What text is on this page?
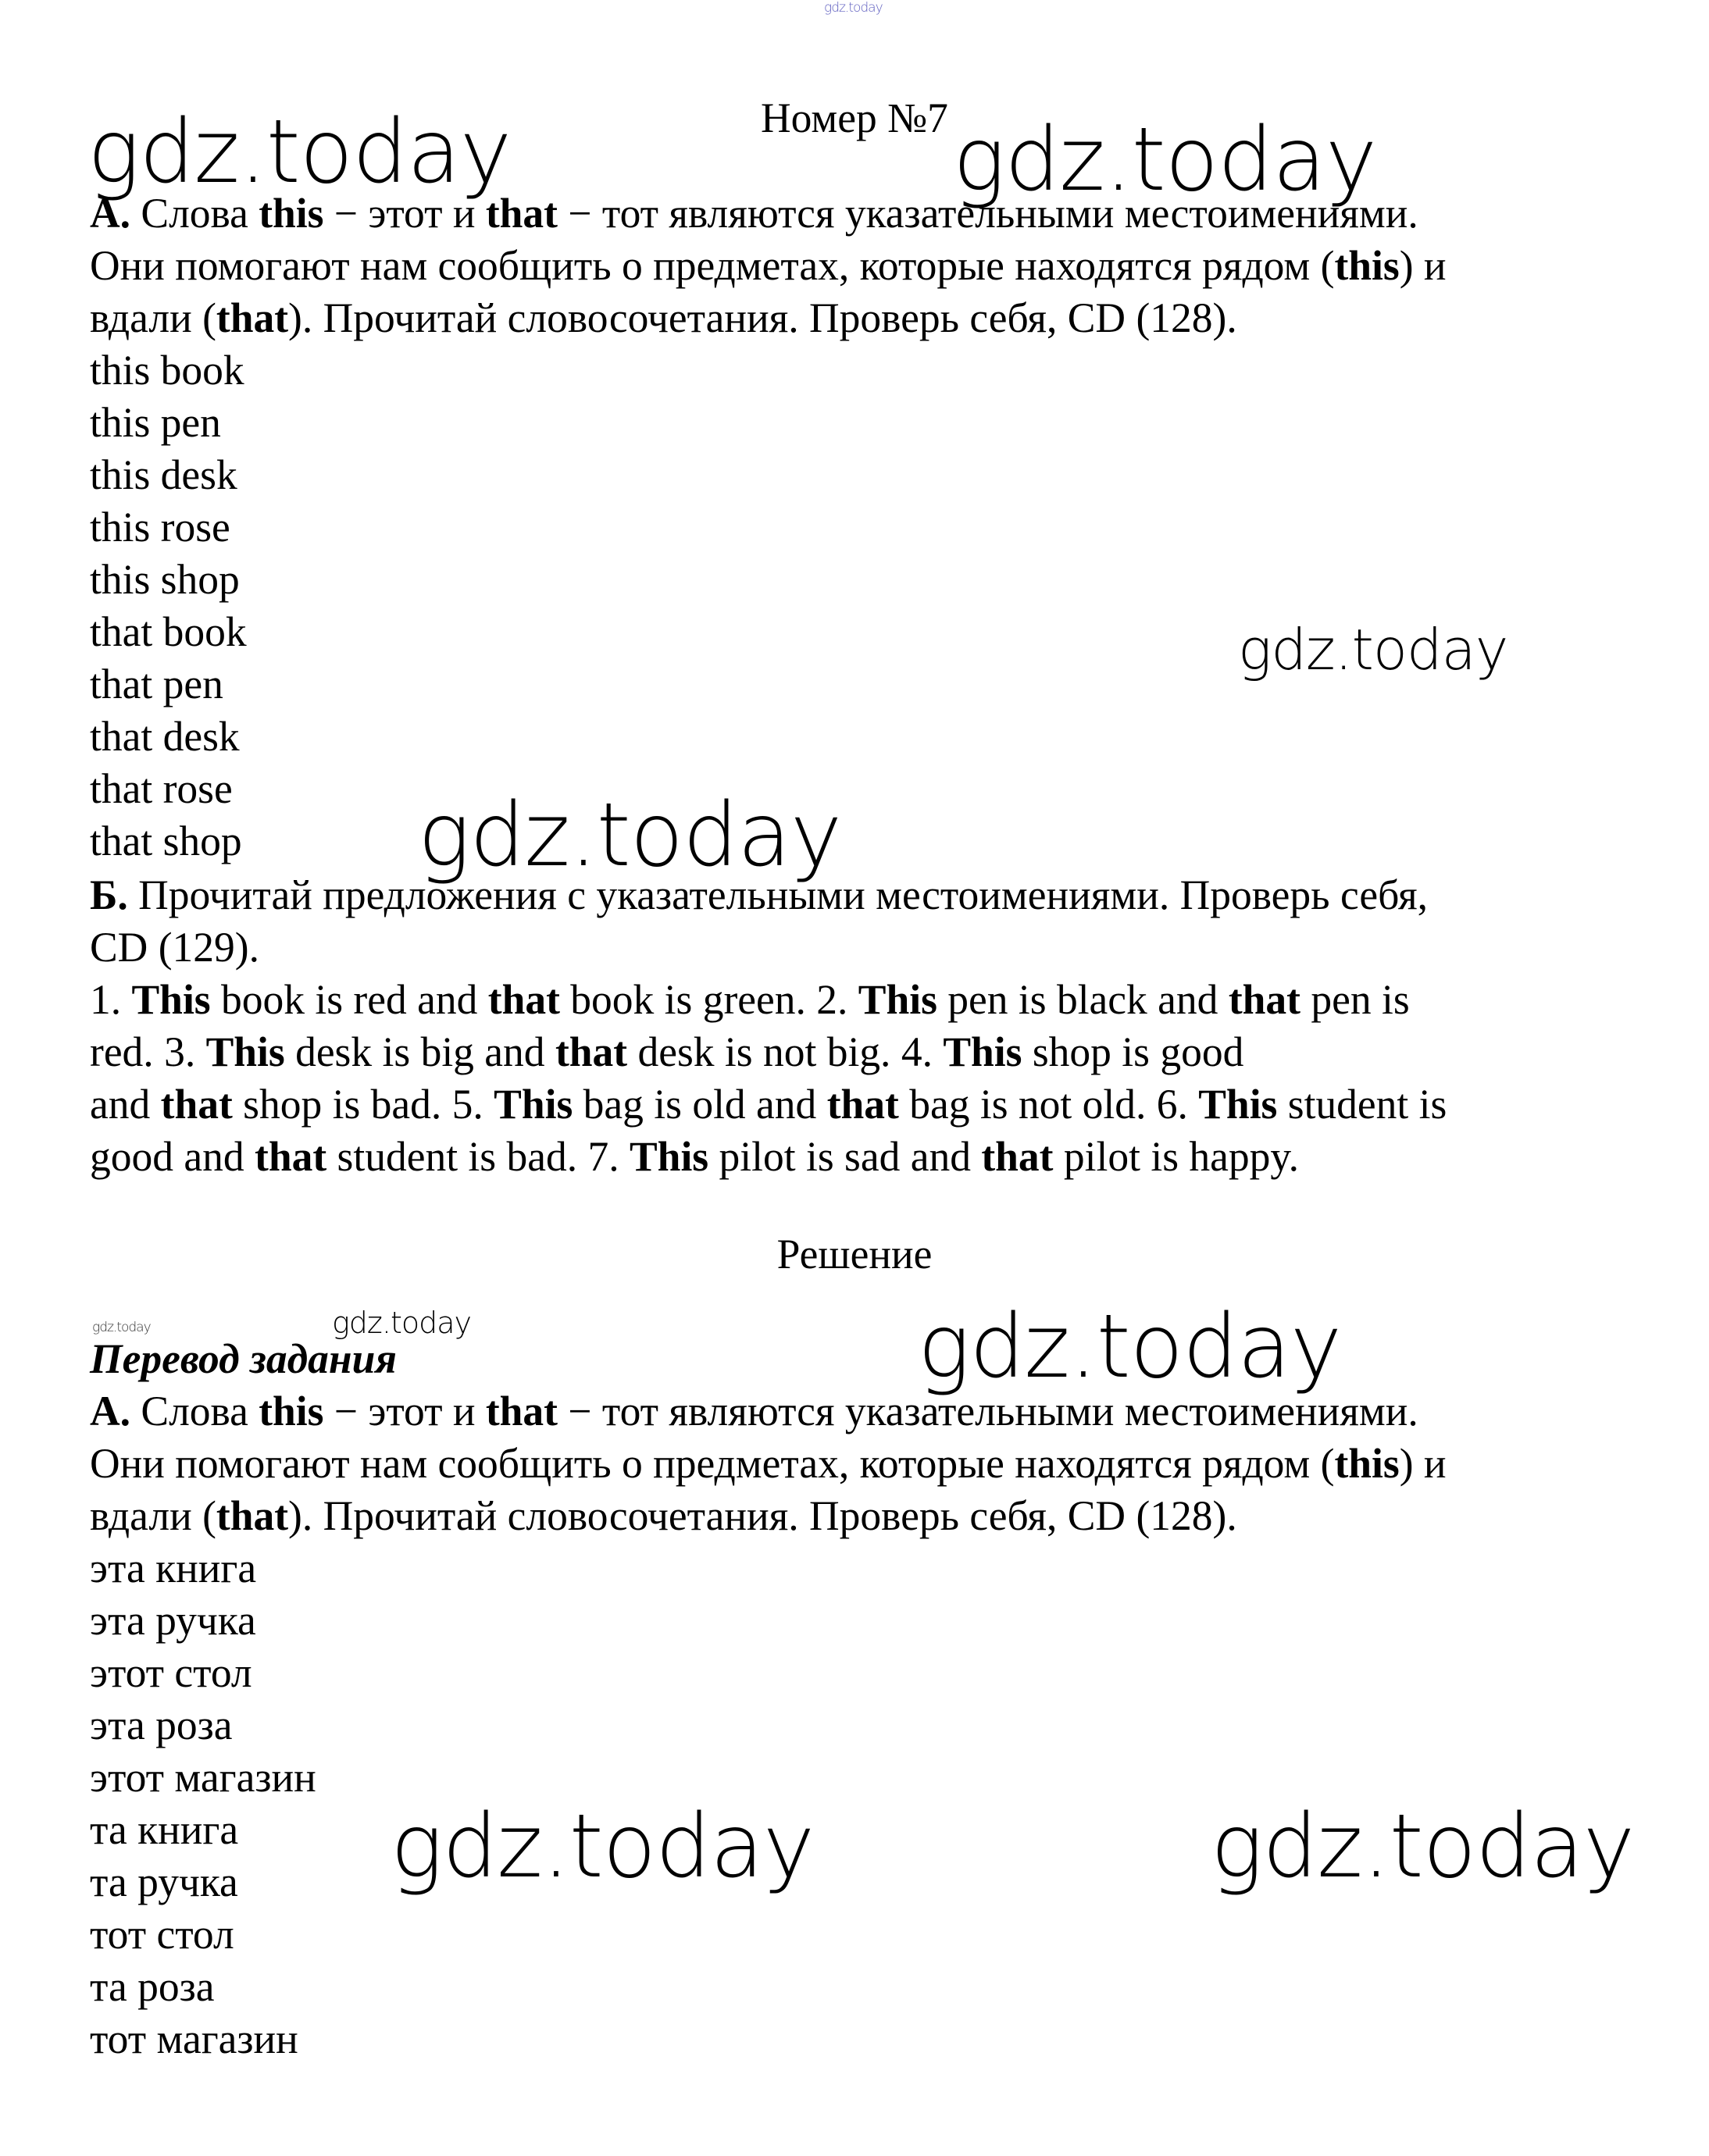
gdz.today
Номер №7
А. Слова this − этот и that − тот являются указательными местоимениями.
Они помогают нам сообщить о предметах, которые находятся рядом (this) и
вдали (that). Прочитай словосочетания. Проверь себя, CD (128).
this book
this pen
this desk
this rose
this shop
that book
that pen
that desk
that rose
that shop
Б. Прочитай предложения с указательными местоимениями. Проверь себя,
CD (129).
1. This book is red and that book is green. 2. This pen is black and that pen is
red. 3. This desk is big and that desk is not big. 4. This shop is good
and that shop is bad. 5. This bag is old and that bag is not old. 6. This student is
good and that student is bad. 7. This pilot is sad and that pilot is happy.
Решение
Перевод задания
А. Слова this − этот и that − тот являются указательными местоимениями.
Они помогают нам сообщить о предметах, которые находятся рядом (this) и
вдали (that). Прочитай словосочетания. Проверь себя, CD (128).
эта книга
эта ручка
этот стол
эта роза
этот магазин
та книга
та ручка
тот стол
та роза
тот магазин
gdz.today	gdz.today
gdz.today
gdz.today
gdz.today
gdz.today	gdz.today
gdz.today	gdz.today
